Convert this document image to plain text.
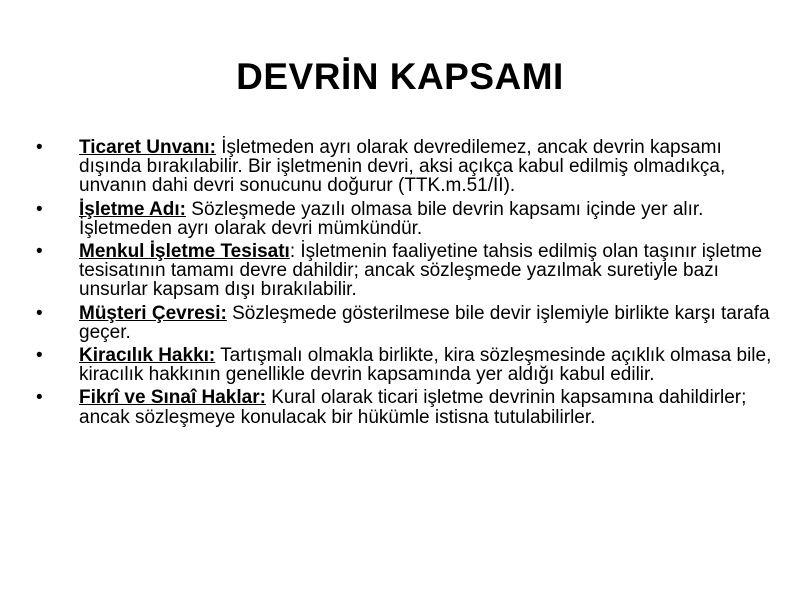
DEVRİN KAPSAMI
•	Ticaret Unvanı: İşletmeden ayrı olarak devredilemez, ancak devrin kapsamı dışında bırakılabilir. Bir işletmenin devri, aksi açıkça kabul edilmiş olmadıkça, unvanın dahi devri sonucunu doğurur (TTK.m.51/II).
•	İşletme Adı: Sözleşmede yazılı olmasa bile devrin kapsamı içinde yer alır. İşletmeden ayrı olarak devri mümkündür.
•	Menkul İşletme Tesisatı: İşletmenin faaliyetine tahsis edilmiş olan taşınır işletme tesisatının tamamı devre dahildir; ancak sözleşmede yazılmak suretiyle bazı unsurlar kapsam dışı bırakılabilir.
•	Müşteri Çevresi: Sözleşmede gösterilmese bile devir işlemiyle birlikte karşı tarafa geçer.
•	Kiracılık Hakkı: Tartışmalı olmakla birlikte, kira sözleşmesinde açıklık olmasa bile, kiracılık hakkının genellikle devrin kapsamında yer aldığı kabul edilir.
•	Fikrî ve Sınaî Haklar: Kural olarak ticari işletme devrinin kapsamına dahildirler; ancak sözleşmeye konulacak bir hükümle istisna tutulabilirler.
